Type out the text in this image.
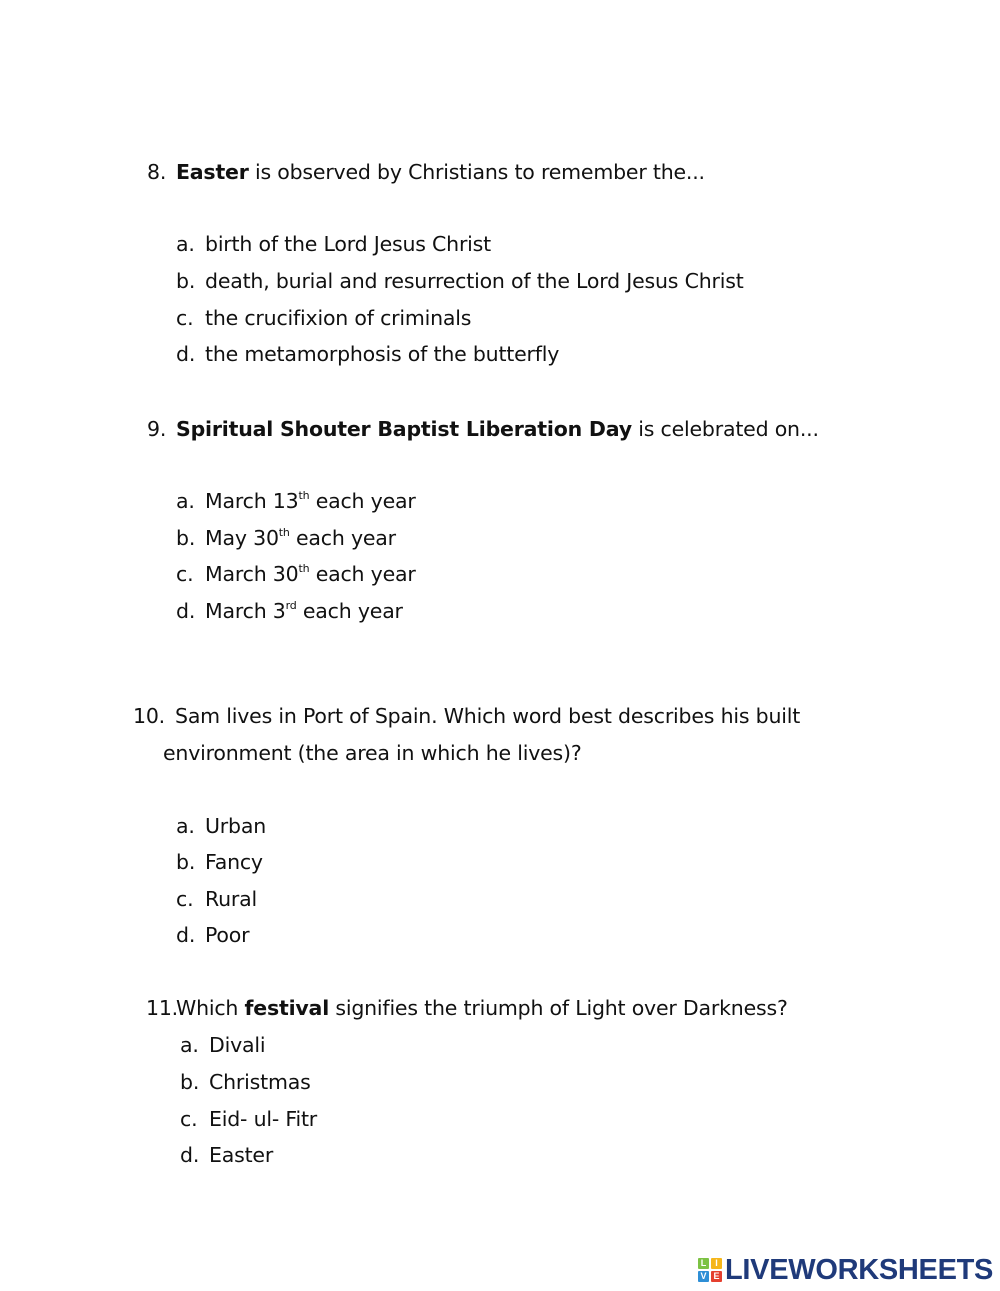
8. Easter is observed by Christians to remember the...
a. birth of the Lord Jesus Christ
b. death, burial and resurrection of the Lord Jesus Christ
c. the crucifixion of criminals
d. the metamorphosis of the butterfly
9. Spiritual Shouter Baptist Liberation Day is celebrated on...
a. March 13th each year
b. May 30th each year
c. March 30th each year
d. March 3rd each year
10. Sam lives in Port of Spain. Which word best describes his built
environment (the area in which he lives)?
a. Urban
b. Fancy
c. Rural
d. Poor
11.Which festival signifies the triumph of Light over Darkness?
a. Divali
b. Christmas
c. Eid- ul- Fitr
d. Easter
L I
V E LIVEWORKSHEETS
